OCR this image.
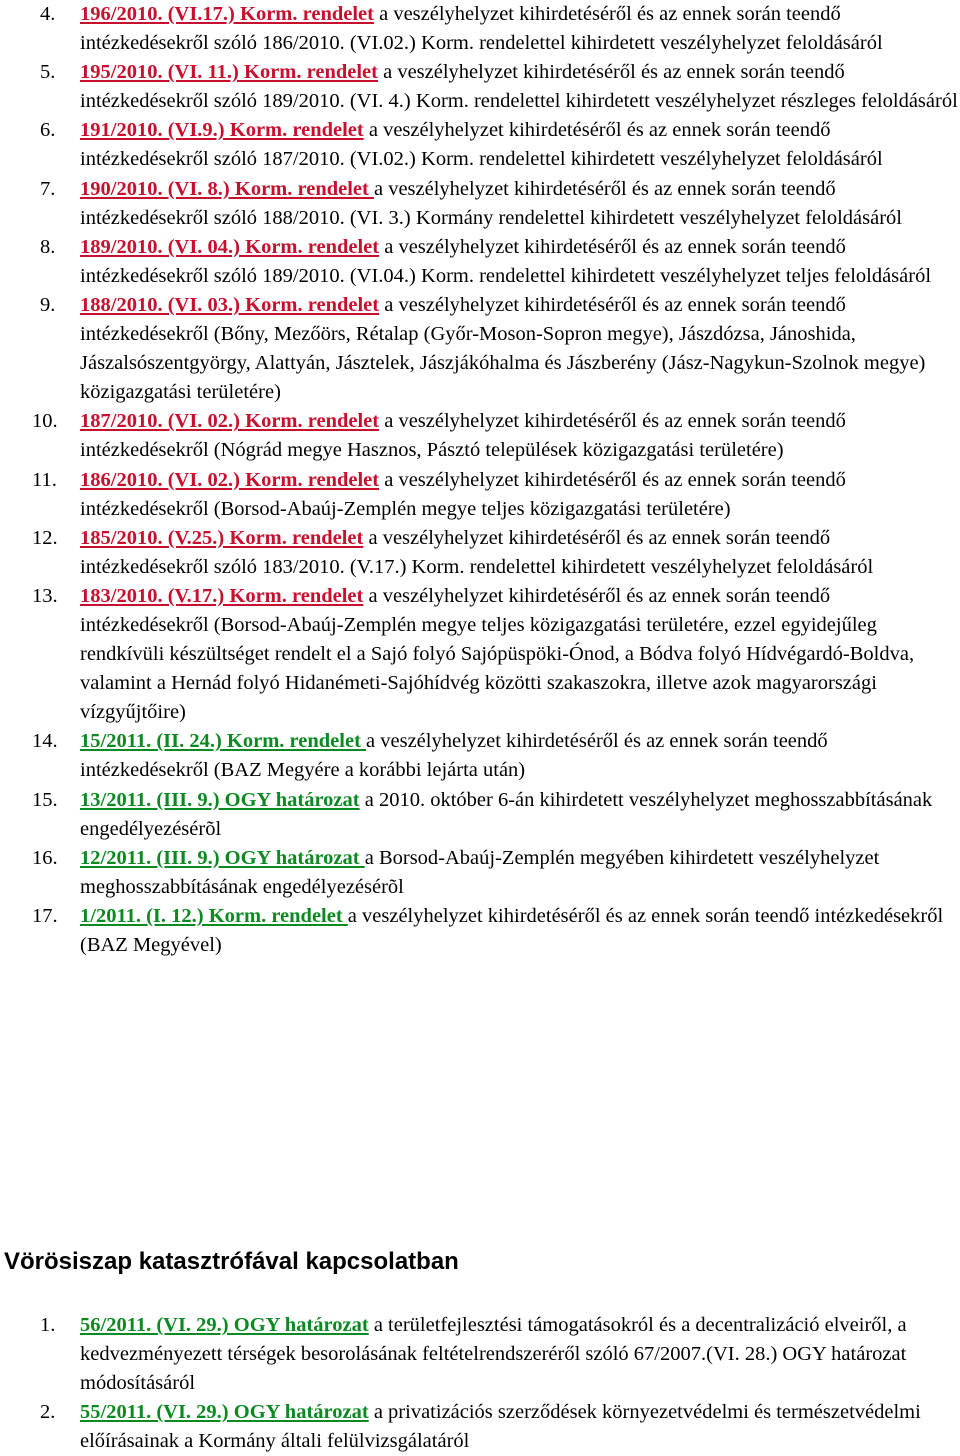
4. 196/2010. (VI.17.) Korm. rendelet a veszélyhelyzet kihirdetéséről és az ennek során teendő intézkedésekről szóló 186/2010. (VI.02.) Korm. rendelettel kihirdetett veszélyhelyzet feloldásáról
5. 195/2010. (VI. 11.) Korm. rendelet a veszélyhelyzet kihirdetéséről és az ennek során teendő intézkedésekről szóló 189/2010. (VI. 4.) Korm. rendelettel kihirdetett veszélyhelyzet részleges feloldásáról
6. 191/2010. (VI.9.) Korm. rendelet a veszélyhelyzet kihirdetéséről és az ennek során teendő intézkedésekről szóló 187/2010. (VI.02.) Korm. rendelettel kihirdetett veszélyhelyzet feloldásáról
7. 190/2010. (VI. 8.) Korm. rendelet a veszélyhelyzet kihirdetéséről és az ennek során teendő intézkedésekről szóló 188/2010. (VI. 3.) Kormány rendelettel kihirdetett veszélyhelyzet feloldásáról
8. 189/2010. (VI. 04.) Korm. rendelet a veszélyhelyzet kihirdetéséről és az ennek során teendő intézkedésekről szóló 189/2010. (VI.04.) Korm. rendelettel kihirdetett veszélyhelyzet teljes feloldásáról
9. 188/2010. (VI. 03.) Korm. rendelet a veszélyhelyzet kihirdetéséről és az ennek során teendő intézkedésekről (Bőny, Mezőörs, Rétalap (Győr-Moson-Sopron megye), Jászdózsa, Jánoshida, Jászalsószentgyörgy, Alattyán, Jásztelek, Jászjákóhalma és Jászberény (Jász-Nagykun-Szolnok megye) közigazgatási területére)
10. 187/2010. (VI. 02.) Korm. rendelet a veszélyhelyzet kihirdetéséről és az ennek során teendő intézkedésekről (Nógrád megye Hasznos, Pásztó települések közigazgatási területére)
11. 186/2010. (VI. 02.) Korm. rendelet a veszélyhelyzet kihirdetéséről és az ennek során teendő intézkedésekről (Borsod-Abaúj-Zemplén megye teljes közigazgatási területére)
12. 185/2010. (V.25.) Korm. rendelet a veszélyhelyzet kihirdetéséről és az ennek során teendő intézkedésekről szóló 183/2010. (V.17.) Korm. rendelettel kihirdetett veszélyhelyzet feloldásáról
13. 183/2010. (V.17.) Korm. rendelet a veszélyhelyzet kihirdetéséről és az ennek során teendő intézkedésekről (Borsod-Abaúj-Zemplén megye teljes közigazgatási területére, ezzel egyidejűleg rendkívüli készültséget rendelt el a Sajó folyó Sajópüspöki-Ónod, a Bódva folyó Hídvégardó-Boldva, valamint a Hernád folyó Hidanémeti-Sajóhídvég közötti szakaszokra, illetve azok magyarországi vízgyűjtőire)
14. 15/2011. (II. 24.) Korm. rendelet a veszélyhelyzet kihirdetéséről és az ennek során teendő intézkedésekről (BAZ Megyére a korábbi lejárta után)
15. 13/2011. (III. 9.) OGY határozat a 2010. október 6-án kihirdetett veszélyhelyzet meghosszabbításának engedélyezésérõl
16. 12/2011. (III. 9.) OGY határozat a Borsod-Abaúj-Zemplén megyében kihirdetett veszélyhelyzet meghosszabbításának engedélyezésérõl
17. 1/2011. (I. 12.) Korm. rendelet a veszélyhelyzet kihirdetéséről és az ennek során teendő intézkedésekről (BAZ Megyével)
Vörösiszap katasztrófával kapcsolatban
1. 56/2011. (VI. 29.) OGY határozat a területfejlesztési támogatásokról és a decentralizáció elveiről, a kedvezményezett térségek besorolásának feltételrendszeréről szóló 67/2007.(VI. 28.) OGY határozat módosításáról
2. 55/2011. (VI. 29.) OGY határozat a privatizációs szerződések környezetvédelmi és természetvédelmi előírásainak a Kormány általi felülvizsgálatáról
